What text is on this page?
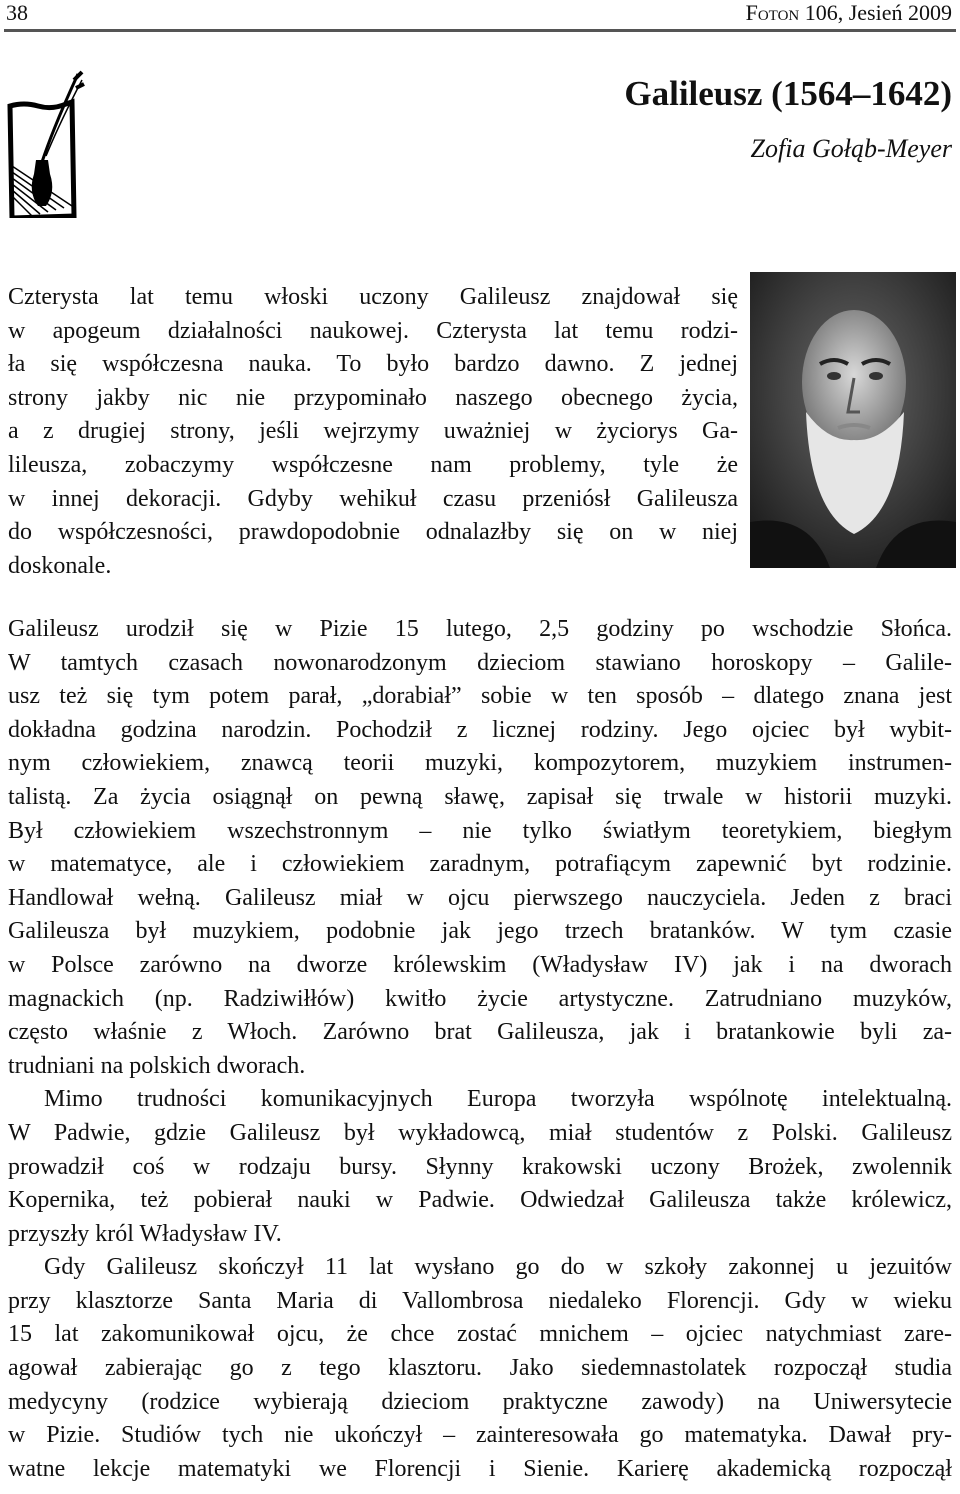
38	Foton 106, Jesień 2009
Galileusz (1564–1642)
Zofia Gołąb-Meyer
Czterysta lat temu włoski uczony Galileusz znajdował się
w apogeum działalności naukowej. Czterysta lat temu rodzi-
ła się współczesna nauka. To było bardzo dawno. Z jednej
strony jakby nic nie przypominało naszego obecnego życia,
a z drugiej strony, jeśli wejrzymy uważniej w życiorys Ga-
lileusza, zobaczymy współczesne nam problemy, tyle że
w innej dekoracji. Gdyby wehikuł czasu przeniósł Galileusza
do współczesności, prawdopodobnie odnalazłby się on w niej
doskonale.
Galileusz urodził się w Pizie 15 lutego, 2,5 godziny po wschodzie Słońca.
W tamtych czasach nowonarodzonym dzieciom stawiano horoskopy – Galile-
usz też się tym potem parał, „dorabiał” sobie w ten sposób – dlatego znana jest
dokładna godzina narodzin. Pochodził z licznej rodziny. Jego ojciec był wybit-
nym człowiekiem, znawcą teorii muzyki, kompozytorem, muzykiem instrumen-
talistą. Za życia osiągnął on pewną sławę, zapisał się trwale w historii muzyki.
Był człowiekiem wszechstronnym – nie tylko światłym teoretykiem, biegłym
w matematyce, ale i człowiekiem zaradnym, potrafiącym zapewnić byt rodzinie.
Handlował wełną. Galileusz miał w ojcu pierwszego nauczyciela. Jeden z braci
Galileusza był muzykiem, podobnie jak jego trzech bratanków. W tym czasie
w Polsce zarówno na dworze królewskim (Władysław IV) jak i na dworach
magnackich (np. Radziwiłłów) kwitło życie artystyczne. Zatrudniano muzyków,
często właśnie z Włoch. Zarówno brat Galileusza, jak i bratankowie byli za-
trudniani na polskich dworach.
Mimo trudności komunikacyjnych Europa tworzyła wspólnotę intelektualną.
W Padwie, gdzie Galileusz był wykładowcą, miał studentów z Polski. Galileusz
prowadził coś w rodzaju bursy. Słynny krakowski uczony Brożek, zwolennik
Kopernika, też pobierał nauki w Padwie. Odwiedzał Galileusza także królewicz,
przyszły król Władysław IV.
Gdy Galileusz skończył 11 lat wysłano go do w szkoły zakonnej u jezuitów
przy klasztorze Santa Maria di Vallombrosa niedaleko Florencji. Gdy w wieku
15 lat zakomunikował ojcu, że chce zostać mnichem – ojciec natychmiast zare-
agował zabierając go z tego klasztoru. Jako siedemnastolatek rozpoczął studia
medycyny (rodzice wybierają dzieciom praktyczne zawody) na Uniwersytecie
w Pizie. Studiów tych nie ukończył – zainteresowała go matematyka. Dawał pry-
watne lekcje matematyki we Florencji i Sienie. Karierę akademicką rozpoczął
